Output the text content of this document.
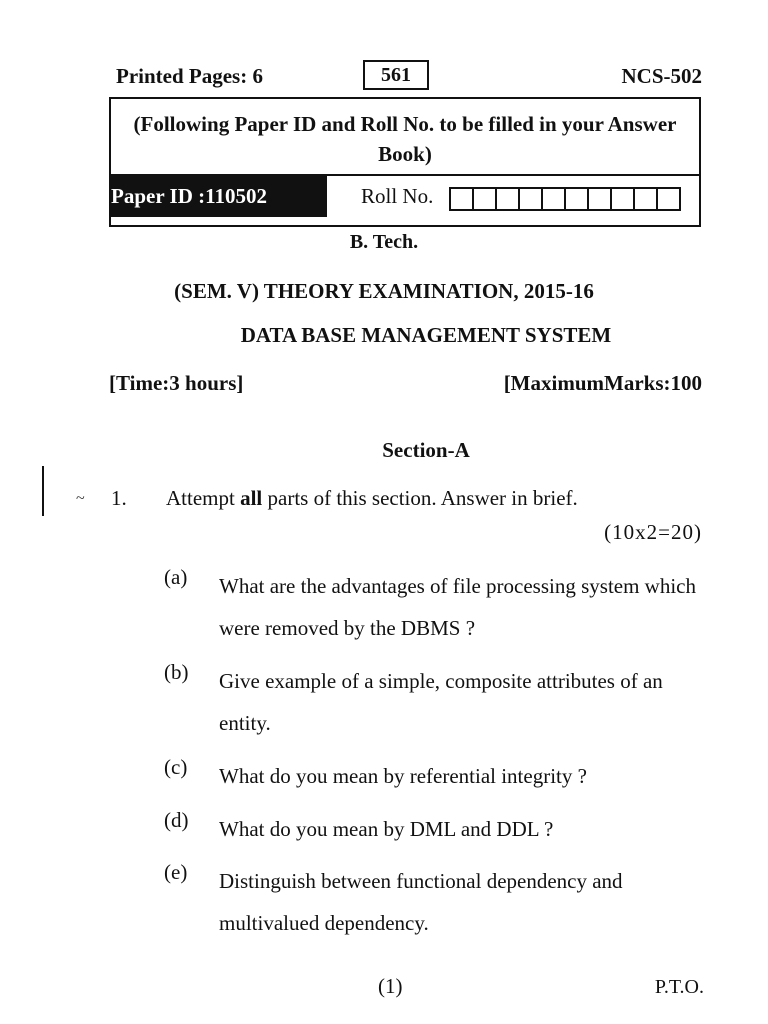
Printed Pages: 6	561	NCS-502
(Following Paper ID and Roll No. to be filled in your Answer Book)
Paper ID :110502	Roll No.
B. Tech.
(SEM. V) THEORY EXAMINATION, 2015-16
DATA BASE MANAGEMENT SYSTEM
[Time:3 hours]	[MaximumMarks:100
Section-A
~ 1. Attempt all parts of this section. Answer in brief.
(10x2=20)
(a) What are the advantages of file processing system which were removed by the DBMS ?
(b) Give example of a simple, composite attributes of an entity.
(c) What do you mean by referential integrity ?
(d) What do you mean by DML and DDL ?
(e) Distinguish between functional dependency and multivalued dependency.
(1)	P.T.O.
